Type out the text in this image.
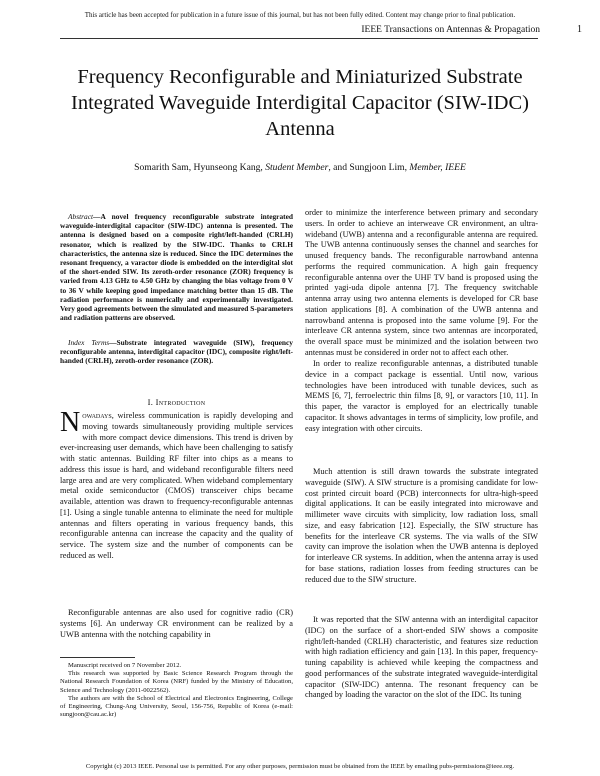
This article has been accepted for publication in a future issue of this journal, but has not been fully edited. Content may change prior to final publication.
IEEE Transactions on Antennas & Propagation	1
Frequency Reconfigurable and Miniaturized Substrate Integrated Waveguide Interdigital Capacitor (SIW-IDC) Antenna
Somarith Sam, Hyunseong Kang, Student Member, and Sungjoon Lim, Member, IEEE
Abstract—A novel frequency reconfigurable substrate integrated waveguide-interdigital capacitor (SIW-IDC) antenna is presented. The antenna is designed based on a composite right/left-handed (CRLH) resonator, which is realized by the SIW-IDC. Thanks to CRLH characteristics, the antenna size is reduced. Since the IDC determines the resonant frequency, a varactor diode is embedded on the interdigital slot of the short-ended SIW. Its zeroth-order resonance (ZOR) frequency is varied from 4.13 GHz to 4.50 GHz by changing the bias voltage from 0 V to 36 V while keeping good impedance matching better than 15 dB. The radiation performance is numerically and experimentally investigated. Very good agreements between the simulated and measured S-parameters and radiation patterns are observed.
Index Terms—Substrate integrated waveguide (SIW), frequency reconfigurable antenna, interdigital capacitor (IDC), composite right/left-handed (CRLH), zeroth-order resonance (ZOR).
I. Introduction
Nowadays, wireless communication is rapidly developing and moving towards simultaneously providing multiple services with more compact device dimensions. This trend is driven by ever-increasing user demands, which have been challenging to satisfy with static antennas. Building RF filter into chips as a means to address this issue is hard, and wideband reconfigurable filters need large area and are very complicated. When wideband complementary metal oxide semiconductor (CMOS) transceiver chips became available, attention was drawn to frequency-reconfigurable antennas [1]. Using a single tunable antenna to eliminate the need for multiple antennas and filters operating in various frequency bands, this reconfigurable antenna can increase the capacity and the quality of service. The system size and the number of components can be reduced as well.
Reconfigurable antennas are also used for cognitive radio (CR) systems [6]. An underway CR environment can be realized by a UWB antenna with the notching capability in

Manuscript received on 7 November 2012.

This research was supported by Basic Science Research Program through the National Research Foundation of Korea (NRF) funded by the Ministry of Education, Science and Technology (2011-0022562).

The authors are with the School of Electrical and Electronics Engineering, College of Engineering, Chung-Ang University, Seoul, 156-756, Republic of Korea (e-mail: sungjoon@cau.ac.kr)

order to minimize the interference between primary and secondary users. In order to achieve an interweave CR environment, an ultra-wideband (UWB) antenna and a reconfigurable antenna are required. The UWB antenna continuously senses the channel and searches for unused frequency bands. The reconfigurable narrowband antenna performs the required communication. A high gain frequency reconfigurable antenna over the UHF TV band is proposed using the printed yagi-uda dipole antenna [7]. The frequency switchable antenna array using two antenna elements is developed for CR base station applications [8]. A combination of the UWB antenna and narrowband antenna is proposed into the same volume [9]. For the interleave CR antenna system, since two antennas are incorporated, the overall space must be minimized and the isolation between two antennas must be considered in order not to affect each other.
In order to realize reconfigurable antennas, a distributed tunable device in a compact package is essential. Until now, various technologies have been introduced with tunable devices, such as MEMS [6, 7], ferroelectric thin films [8, 9], or varactors [10, 11]. In this paper, the varactor is employed for an electrically tunable capacitor. It shows advantages in terms of simplicity, low profile, and easy integration with other circuits.
Much attention is still drawn towards the substrate integrated waveguide (SIW). A SIW structure is a promising candidate for low-cost printed circuit board (PCB) interconnects for ultra-high-speed digital applications. It can be easily integrated into microwave and millimeter wave circuits with simplicity, low radiation loss, small size, and easy fabrication [12]. Especially, the SIW structure has benefits for the interleave CR systems. The via walls of the SIW cavity can improve the isolation when the UWB antenna is deployed for interleave CR systems. In addition, when the antenna array is used for base stations, radiation losses from feeding structures can be reduced due to the SIW structure.
It was reported that the SIW antenna with an interdigital capacitor (IDC) on the surface of a short-ended SIW shows a composite right/left-handed (CRLH) characteristic, and features size reduction with high radiation efficiency and gain [13]. In this paper, frequency-tuning capability is achieved while keeping the compactness and good performances of the substrate integrated waveguide-interdigital capacitor (SIW-IDC) antenna. The resonant frequency can be changed by loading the varactor on the slot of the IDC. Its tuning
Copyright (c) 2013 IEEE. Personal use is permitted. For any other purposes, permission must be obtained from the IEEE by emailing pubs-permissions@ieee.org.
